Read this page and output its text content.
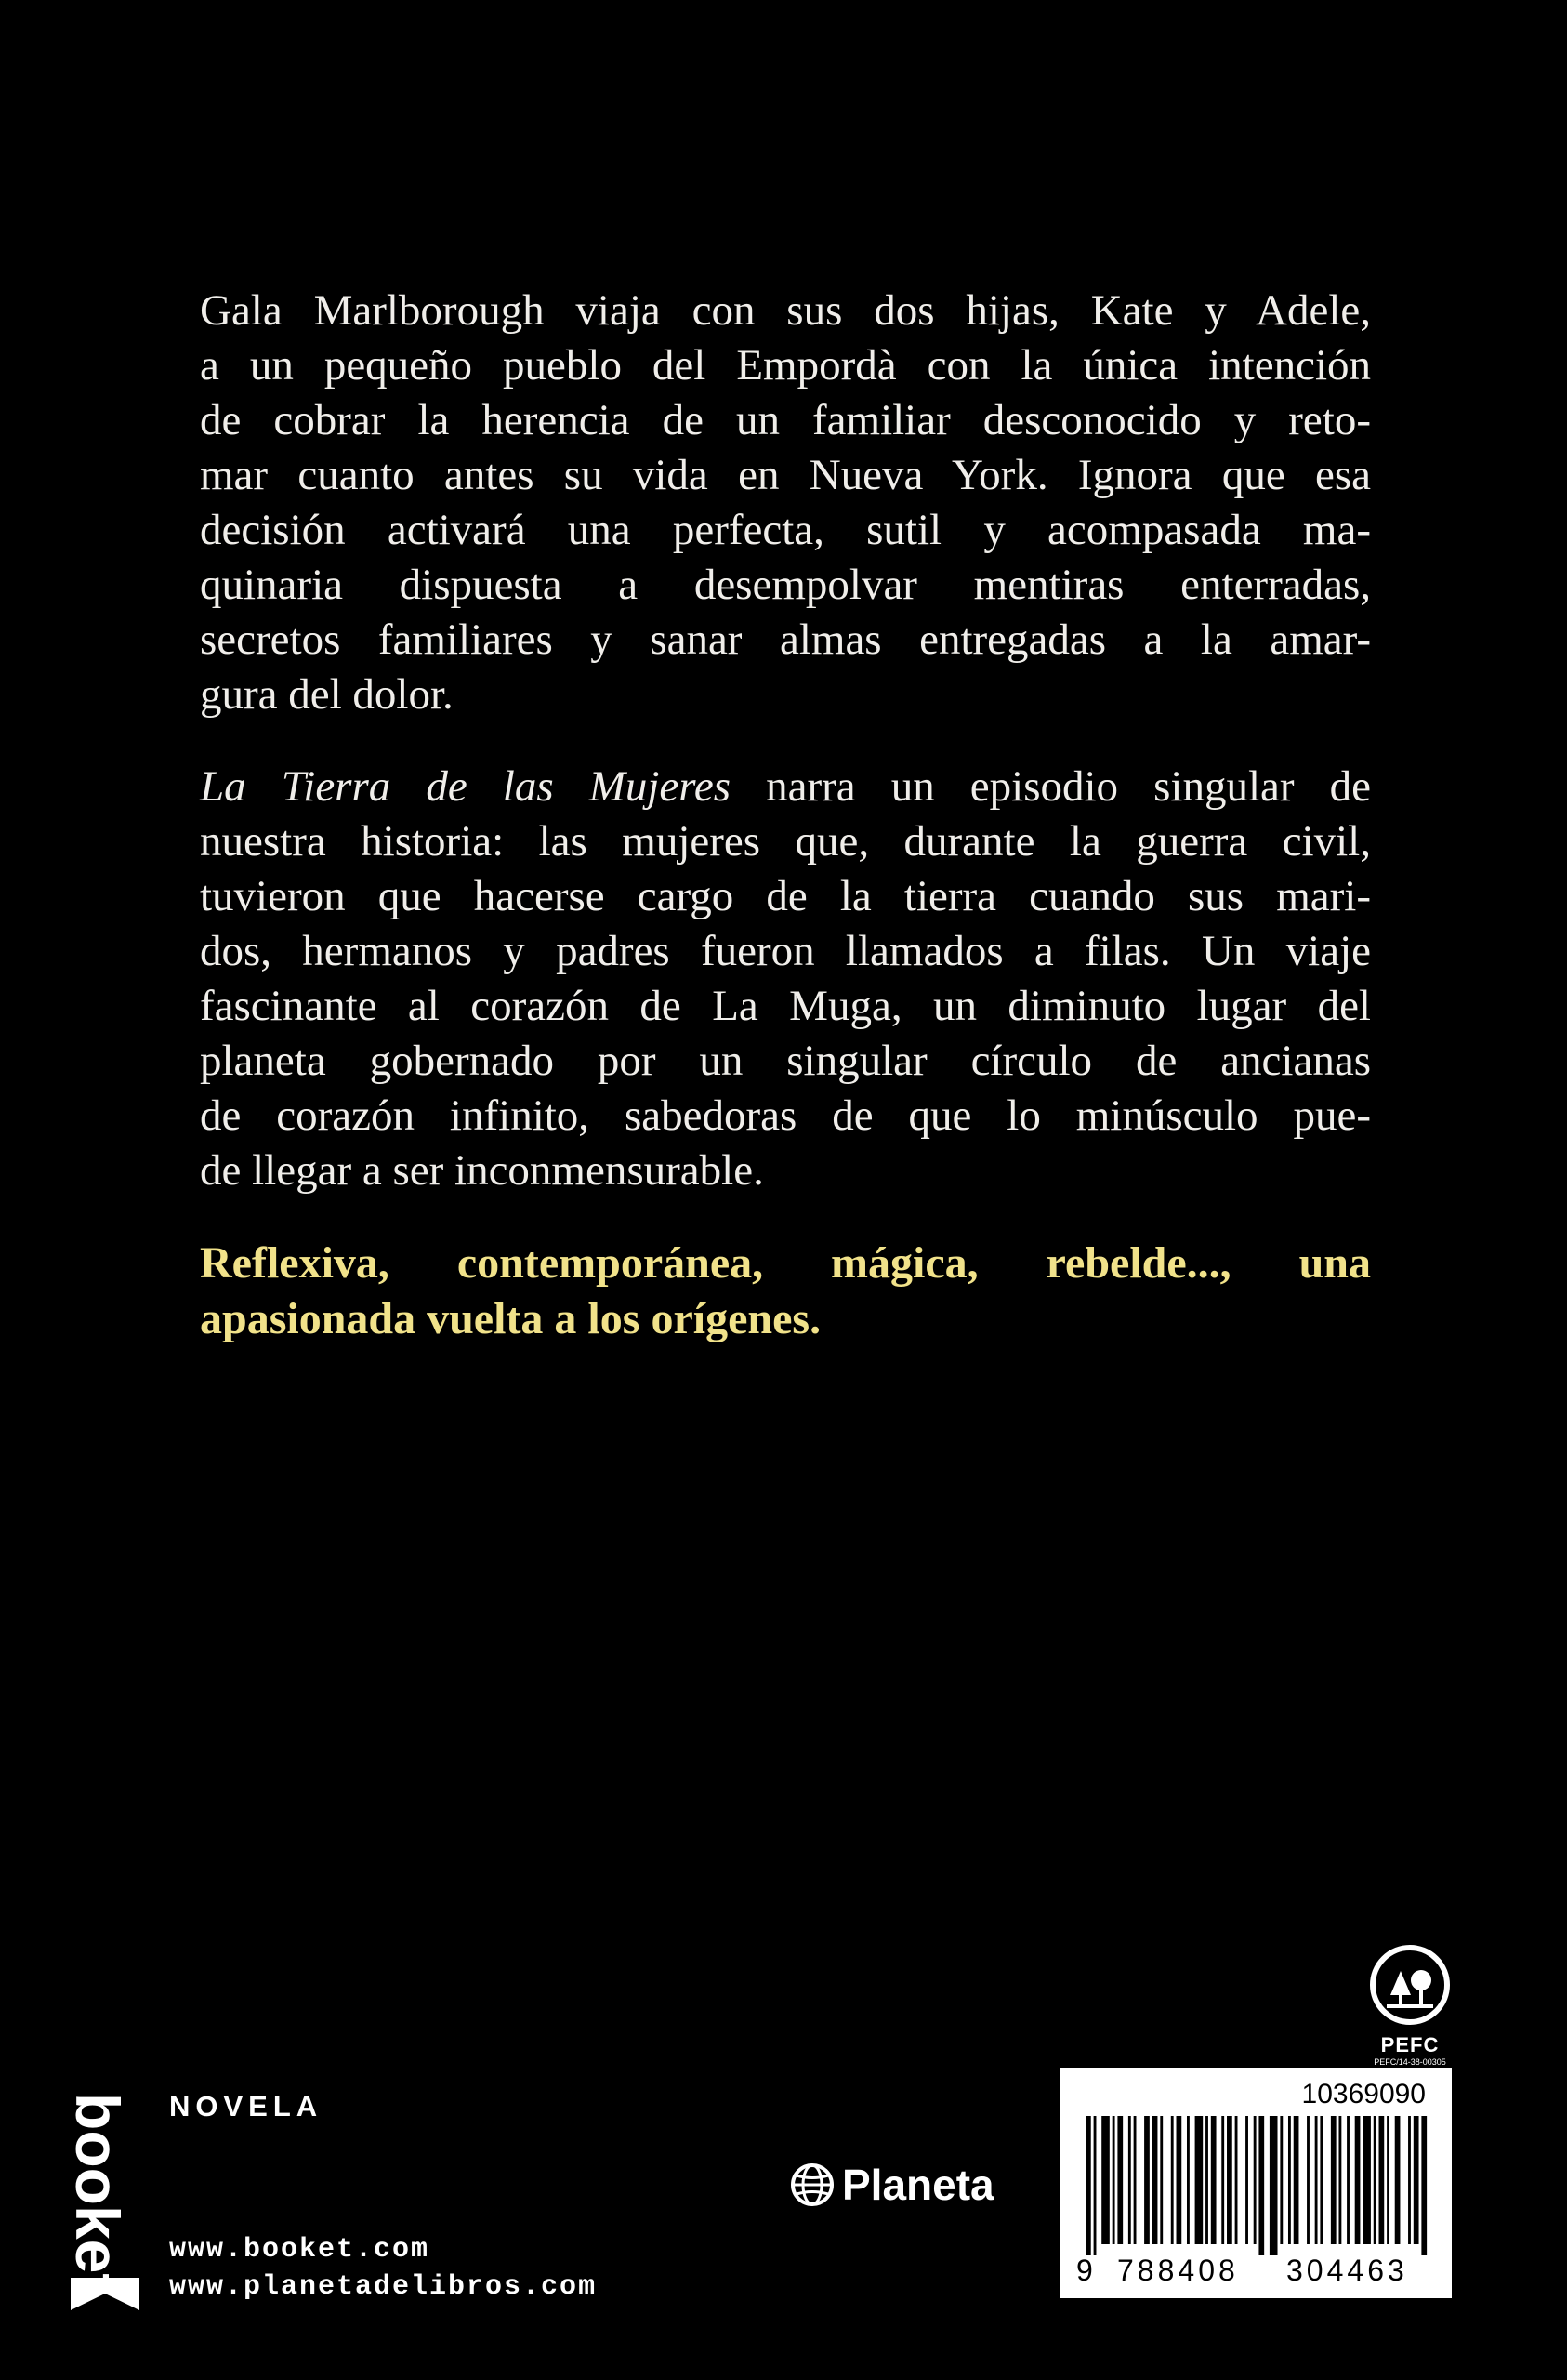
Gala Marlborough viaja con sus dos hijas, Kate y Adele,
a un pequeño pueblo del Empordà con la única intención
de cobrar la herencia de un familiar desconocido y reto-
mar cuanto antes su vida en Nueva York. Ignora que esa
decisión activará una perfecta, sutil y acompasada ma-
quinaria dispuesta a desempolvar mentiras enterradas,
secretos familiares y sanar almas entregadas a la amar-
gura del dolor.

La Tierra de las Mujeres narra un episodio singular de
nuestra historia: las mujeres que, durante la guerra civil,
tuvieron que hacerse cargo de la tierra cuando sus mari-
dos, hermanos y padres fueron llamados a filas. Un viaje
fascinante al corazón de La Muga, un diminuto lugar del
planeta gobernado por un singular círculo de ancianas
de corazón infinito, sabedoras de que lo minúsculo pue-
de llegar a ser inconmensurable.

Reflexiva, contemporánea, mágica, rebelde..., una
apasionada vuelta a los orígenes.

PEFC
PEFC/14-38-00305
booket NOVELA
www.booket.com
www.planetadelibros.com
Planeta
10369090
9 788408 304463
